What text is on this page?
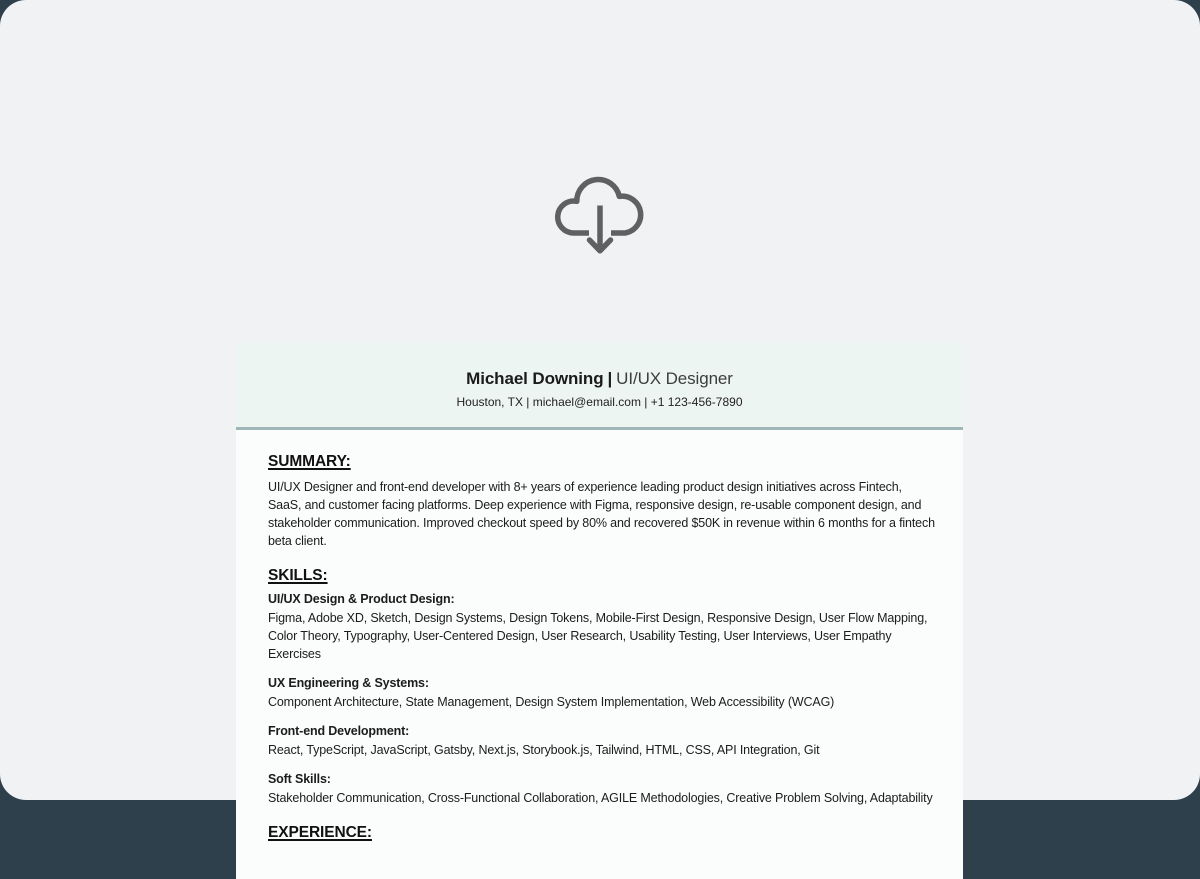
Michael Downing | UI/UX Designer
Houston, TX | michael@email.com | +1 123-456-7890
SUMMARY:

UI/UX Designer and front-end developer with 8+ years of experience leading product design initiatives across Fintech, SaaS, and customer facing platforms. Deep experience with Figma, responsive design, re-usable component design, and stakeholder communication. Improved checkout speed by 80% and recovered $50K in revenue within 6 months for a fintech beta client.

SKILLS:
UI/UX Design & Product Design:

Figma, Adobe XD, Sketch, Design Systems, Design Tokens, Mobile-First Design, Responsive Design, User Flow Mapping, Color Theory, Typography, User-Centered Design, User Research, Usability Testing, User Interviews, User Empathy Exercises

UX Engineering & Systems:

Component Architecture, State Management, Design System Implementation, Web Accessibility (WCAG)

Front-end Development:

React, TypeScript, JavaScript, Gatsby, Next.js, Storybook.js, Tailwind, HTML, CSS, API Integration, Git

Soft Skills:

Stakeholder Communication, Cross-Functional Collaboration, AGILE Methodologies, Creative Problem Solving, Adaptability

EXPERIENCE:
